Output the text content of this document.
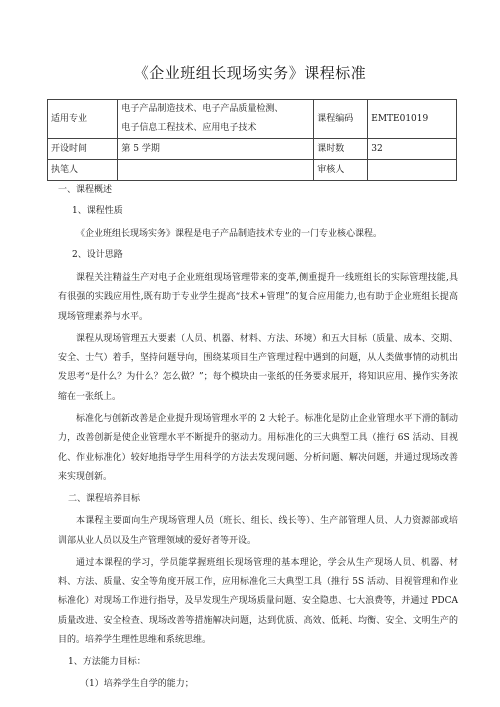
《企业班组长现场实务》课程标准
适用专业	电子产品制造技术、电子产品质量检测、
电子信息工程技术、应用电子技术	课程编码	EMTE01019
开设时间	第 5 学期	课时数	32
执笔人		审核人	
一、课程概述
1、课程性质

《企业班组长现场实务》课程是电子产品制造技术专业的一门专业核心课程。

2、设计思路

课程关注精益生产对电子企业班组现场管理带来的变革,侧重提升一线班组长的实际管理技能,具有很强的实践应用性,既有助于专业学生提高“技术+管理”的复合应用能力,也有助于企业班组长提高现场管理素养与水平。

课程从现场管理五大要素（人员、机器、材料、方法、环境）和五大目标（质量、成本、交期、安全、士气）着手，坚持问题导向，围绕某项目生产管理过程中遇到的问题，从人类做事情的动机出发思考“是什么？为什么？怎么做？”；每个模块由一张纸的任务要求展开，将知识应用、操作实务浓缩在一张纸上。

标准化与创新改善是企业提升现场管理水平的 2 大轮子。标准化是防止企业管理水平下滑的制动力，改善创新是使企业管理水平不断提升的驱动力。用标准化的三大典型工具（推行 6S 活动、目视化、作业标准化）较好地指导学生用科学的方法去发现问题、分析问题、解决问题，并通过现场改善来实现创新。

二、课程培养目标

本课程主要面向生产现场管理人员（班长、组长、线长等）、生产部管理人员、人力资源部或培训部从业人员以及生产管理领域的爱好者等开设。

通过本课程的学习，学员能掌握班组长现场管理的基本理论，学会从生产现场人员、机器、材料、方法、质量、安全等角度开展工作，应用标准化三大典型工具（推行 5S 活动、目视管理和作业标准化）对现场工作进行指导，及早发现生产现场质量问题、安全隐患、七大浪费等，并通过 PDCA 质量改进、安全检查、现场改善等措施解决问题，达到优质、高效、低耗、均衡、安全、文明生产的目的。培养学生理性思维和系统思维。

1、方法能力目标：
（1）培养学生自学的能力；
